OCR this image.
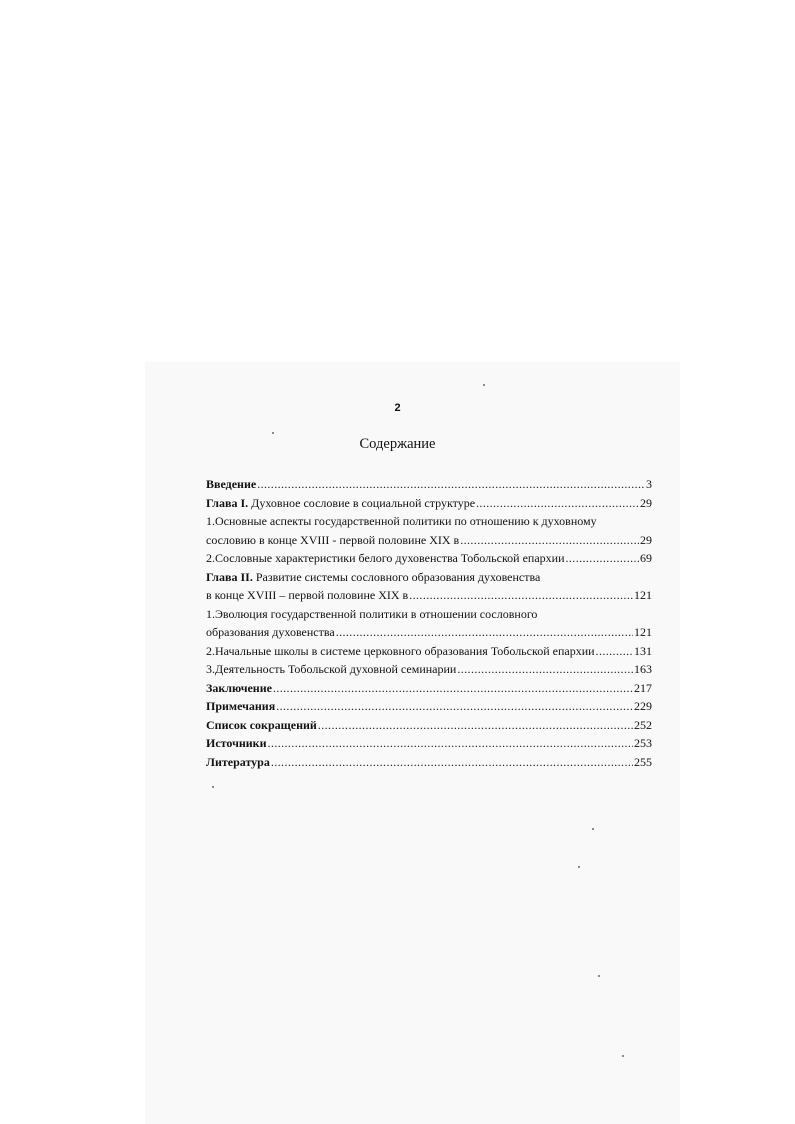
2
Содержание
Введение .....	3
Глава I. Духовное сословие в социальной структуре .....	29
1.Основные аспекты государственной политики по отношению к духовному
сословию в конце XVIII - первой половине XIX в .....	29
2.Сословные характеристики белого духовенства Тобольской епархии .....	69
Глава II. Развитие системы сословного образования духовенства
в конце XVIII – первой половине XIX в .....	121
1.Эволюция государственной политики в отношении сословного
образования духовенства .....	121
2.Начальные школы в системе церковного образования Тобольской епархии .....	131
3.Деятельность Тобольской духовной семинарии .....	163
Заключение .....	217
Примечания .....	229
Список сокращений .....	252
Источники .....	253
Литература .....	255
